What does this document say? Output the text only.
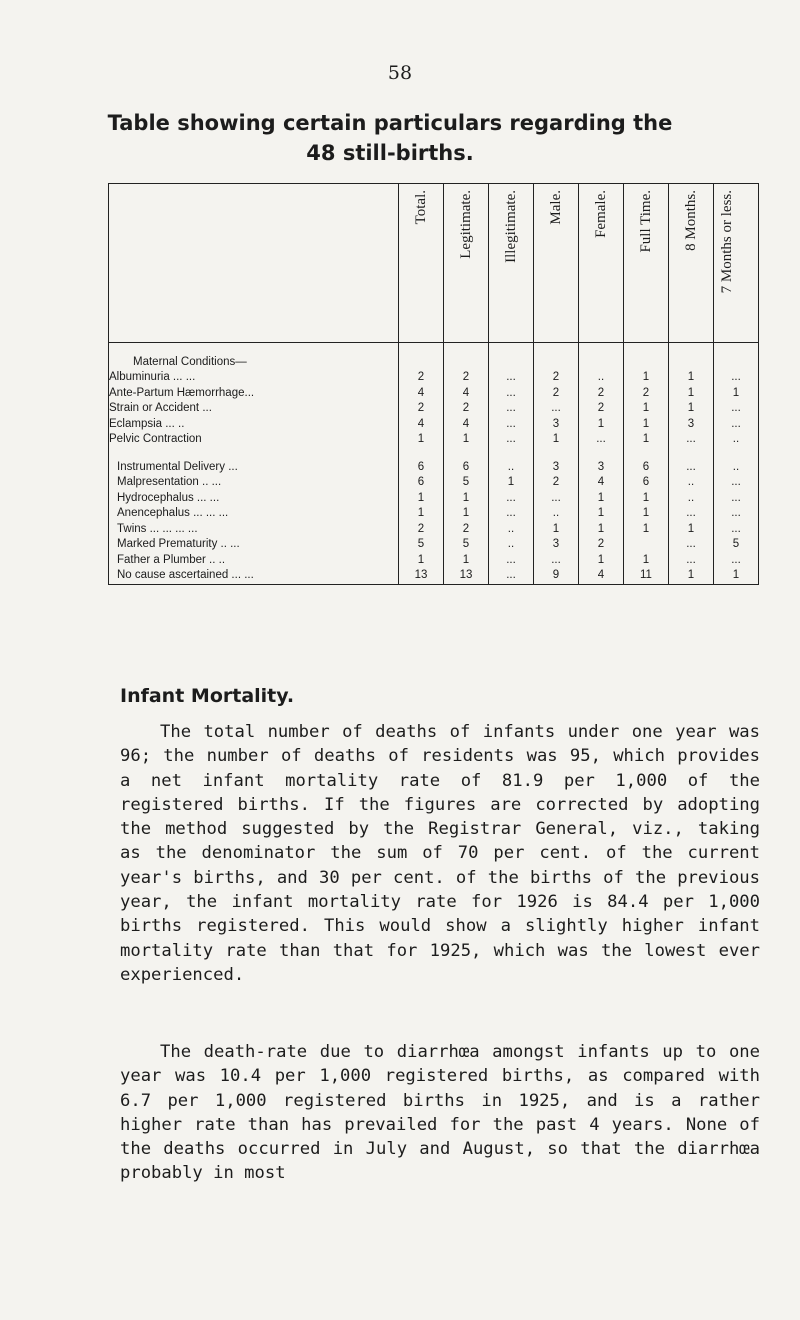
58
Table showing certain particulars regarding the 48 still-births.

	Total.	Legitimate.	Illegitimate.	Male.	Female.	Full Time.	8 Months.	7 Months or less.

Maternal Conditions—								
Albuminuria ... ...	2	2	...	2	..	1	1	...
Ante-Partum Hæmorrhage...	4	4	...	2	2	2	1	1
Strain or Accident ...	2	2	...	...	2	1	1	...
Eclampsia ... ..	4	4	...	3	1	1	3	...
Pelvic Contraction	1	1	...	1	...	1	...	..

Instrumental Delivery ...	6	6	..	3	3	6	...	..
Malpresentation .. ...	6	5	1	2	4	6	..	...
Hydrocephalus ... ...	1	1	...	...	1	1	..	...
Anencephalus ... ... ...	1	1	...	..	1	1	...	...
Twins ... ... ... ...	2	2	..	1	1	1	1	...
Marked Prematurity .. ...	5	5	..	3	2		...	5
Father a Plumber .. ..	1	1	...	...	1	1	...	...
No cause ascertained ... ...	13	13	...	9	4	11	1	1
Infant Mortality.

The total number of deaths of infants under one year was 96; the number of deaths of residents was 95, which provides a net infant mortality rate of 81.9 per 1,000 of the registered births. If the figures are corrected by adopting the method suggested by the Registrar General, viz., taking as the denominator the sum of 70 per cent. of the current year's births, and 30 per cent. of the births of the previous year, the infant mortality rate for 1926 is 84.4 per 1,000 births registered. This would show a slightly higher infant mortality rate than that for 1925, which was the lowest ever experienced.

The death-rate due to diarrhœa amongst infants up to one year was 10.4 per 1,000 registered births, as compared with 6.7 per 1,000 registered births in 1925, and is a rather higher rate than has prevailed for the past 4 years. None of the deaths occurred in July and August, so that the diarrhœa probably in most
